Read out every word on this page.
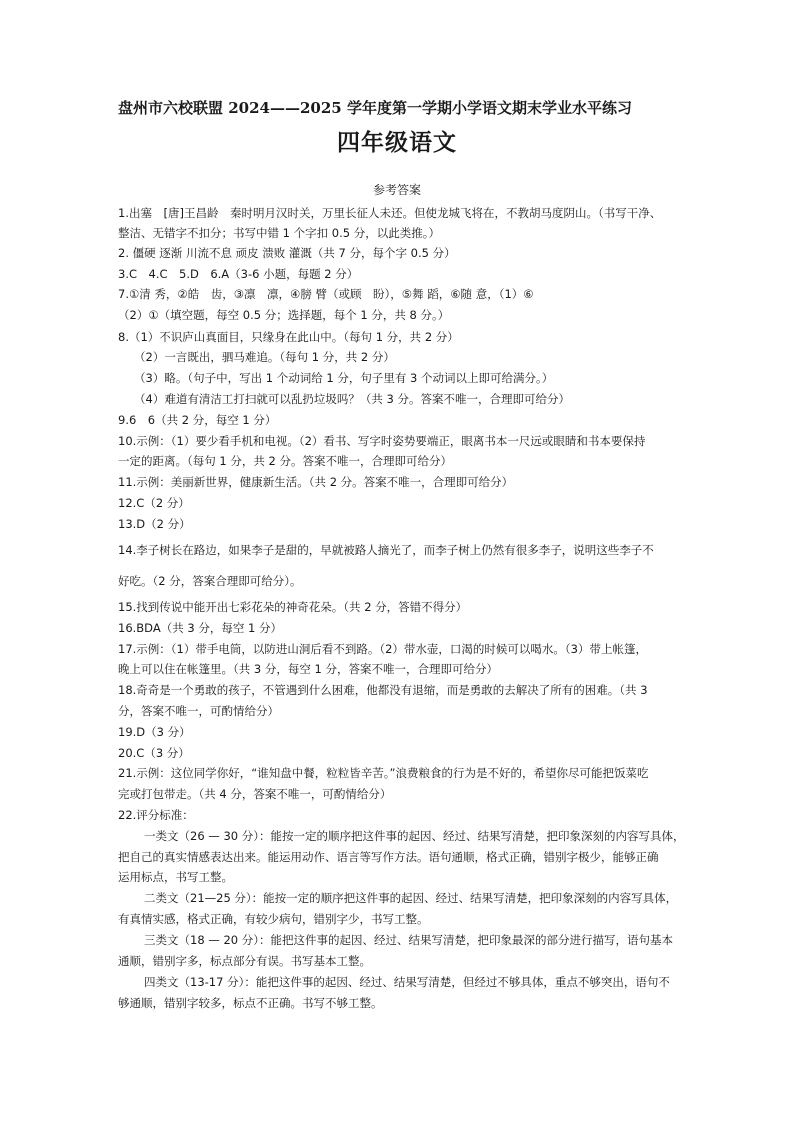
盘州市六校联盟 2024——2025 学年度第一学期小学语文期末学业水平练习
四年级语文
参考答案
1.出塞　[唐]王昌龄　秦时明月汉时关，万里长征人未还。但使龙城飞将在，不教胡马度阴山。（书写干净、
整洁、无错字不扣分；书写中错 1 个字扣 0.5 分，以此类推。）
2. 僵硬 逐渐 川流不息 顽皮 溃败 灌溉（共 7 分，每个字 0.5 分）
3.C　4.C　5.D　6.A（3-6 小题，每题 2 分）
7.①清 秀，②皓　齿，③凛　凛，④膀 臂（或顾　盼），⑤舞 蹈，⑥随 意，（1）⑥
（2）①（填空题，每空 0.5 分；选择题，每个 1 分，共 8 分。）
8.（1）不识庐山真面目，只缘身在此山中。（每句 1 分，共 2 分）
（2）一言既出，驷马难追。（每句 1 分，共 2 分）
（3）略。（句子中，写出 1 个动词给 1 分，句子里有 3 个动词以上即可给满分。）
（4）难道有清洁工打扫就可以乱扔垃圾吗？（共 3 分。答案不唯一，合理即可给分）
9.6　6（共 2 分，每空 1 分）
10.示例：（1）要少看手机和电视。（2）看书、写字时姿势要端正，眼离书本一尺远或眼睛和书本要保持
一定的距离。（每句 1 分，共 2 分。答案不唯一，合理即可给分）
11.示例：美丽新世界，健康新生活。（共 2 分。答案不唯一，合理即可给分）
12.C（2 分）
13.D（2 分）
14.李子树长在路边，如果李子是甜的，早就被路人摘光了，而李子树上仍然有很多李子，说明这些李子不
好吃。（2 分，答案合理即可给分）。
15.找到传说中能开出七彩花朵的神奇花朵。（共 2 分，答错不得分）
16.BDA（共 3 分，每空 1 分）
17.示例：（1）带手电筒，以防进山洞后看不到路。（2）带水壶，口渴的时候可以喝水。（3）带上帐篷，
晚上可以住在帐篷里。（共 3 分，每空 1 分，答案不唯一，合理即可给分）
18.奇奇是一个勇敢的孩子，不管遇到什么困难，他都没有退缩，而是勇敢的去解决了所有的困难。（共 3
分，答案不唯一，可酌情给分）
19.D（3 分）
20.C（3 分）
21.示例：这位同学你好，“谁知盘中餐，粒粒皆辛苦。”浪费粮食的行为是不好的，希望你尽可能把饭菜吃
完或打包带走。（共 4 分，答案不唯一，可酌情给分）
22.评分标准：
一类文（26 — 30 分）：能按一定的顺序把这件事的起因、经过、结果写清楚，把印象深刻的内容写具体，
把自己的真实情感表达出来。能运用动作、语言等写作方法。语句通顺，格式正确，错别字极少，能够正确
运用标点，书写工整。
二类文（21—25 分）：能按一定的顺序把这件事的起因、经过、结果写清楚，把印象深刻的内容写具体，
有真情实感，格式正确，有较少病句，错别字少，书写工整。
三类文（18 — 20 分）：能把这件事的起因、经过、结果写清楚，把印象最深的部分进行描写，语句基本
通顺，错别字多，标点部分有误。书写基本工整。
四类文（13-17 分）：能把这件事的起因、经过、结果写清楚，但经过不够具体，重点不够突出，语句不
够通顺，错别字较多，标点不正确。书写不够工整。
